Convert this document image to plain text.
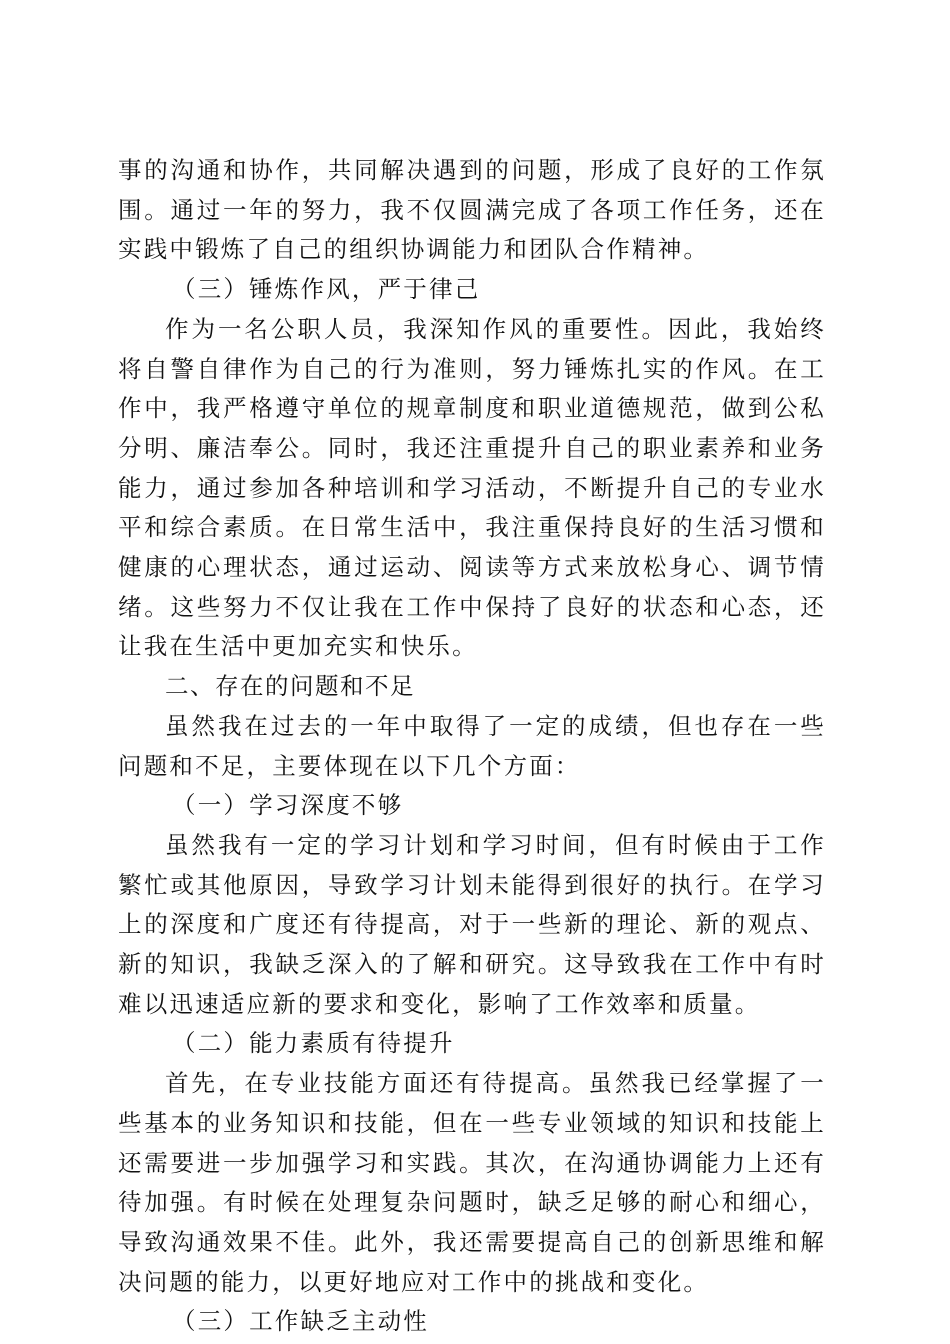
事的沟通和协作，共同解决遇到的问题，形成了良好的工作氛围。通过一年的努力，我不仅圆满完成了各项工作任务，还在实践中锻炼了自己的组织协调能力和团队合作精神。

（三）锤炼作风，严于律己

作为一名公职人员，我深知作风的重要性。因此，我始终将自警自律作为自己的行为准则，努力锤炼扎实的作风。在工作中，我严格遵守单位的规章制度和职业道德规范，做到公私分明、廉洁奉公。同时，我还注重提升自己的职业素养和业务能力，通过参加各种培训和学习活动，不断提升自己的专业水平和综合素质。在日常生活中，我注重保持良好的生活习惯和健康的心理状态，通过运动、阅读等方式来放松身心、调节情绪。这些努力不仅让我在工作中保持了良好的状态和心态，还让我在生活中更加充实和快乐。

二、存在的问题和不足

虽然我在过去的一年中取得了一定的成绩，但也存在一些问题和不足，主要体现在以下几个方面：

（一）学习深度不够

虽然我有一定的学习计划和学习时间，但有时候由于工作繁忙或其他原因，导致学习计划未能得到很好的执行。在学习上的深度和广度还有待提高，对于一些新的理论、新的观点、新的知识，我缺乏深入的了解和研究。这导致我在工作中有时难以迅速适应新的要求和变化，影响了工作效率和质量。

（二）能力素质有待提升

首先，在专业技能方面还有待提高。虽然我已经掌握了一些基本的业务知识和技能，但在一些专业领域的知识和技能上还需要进一步加强学习和实践。其次，在沟通协调能力上还有待加强。有时候在处理复杂问题时，缺乏足够的耐心和细心，导致沟通效果不佳。此外，我还需要提高自己的创新思维和解决问题的能力，以更好地应对工作中的挑战和变化。

（三）工作缺乏主动性
